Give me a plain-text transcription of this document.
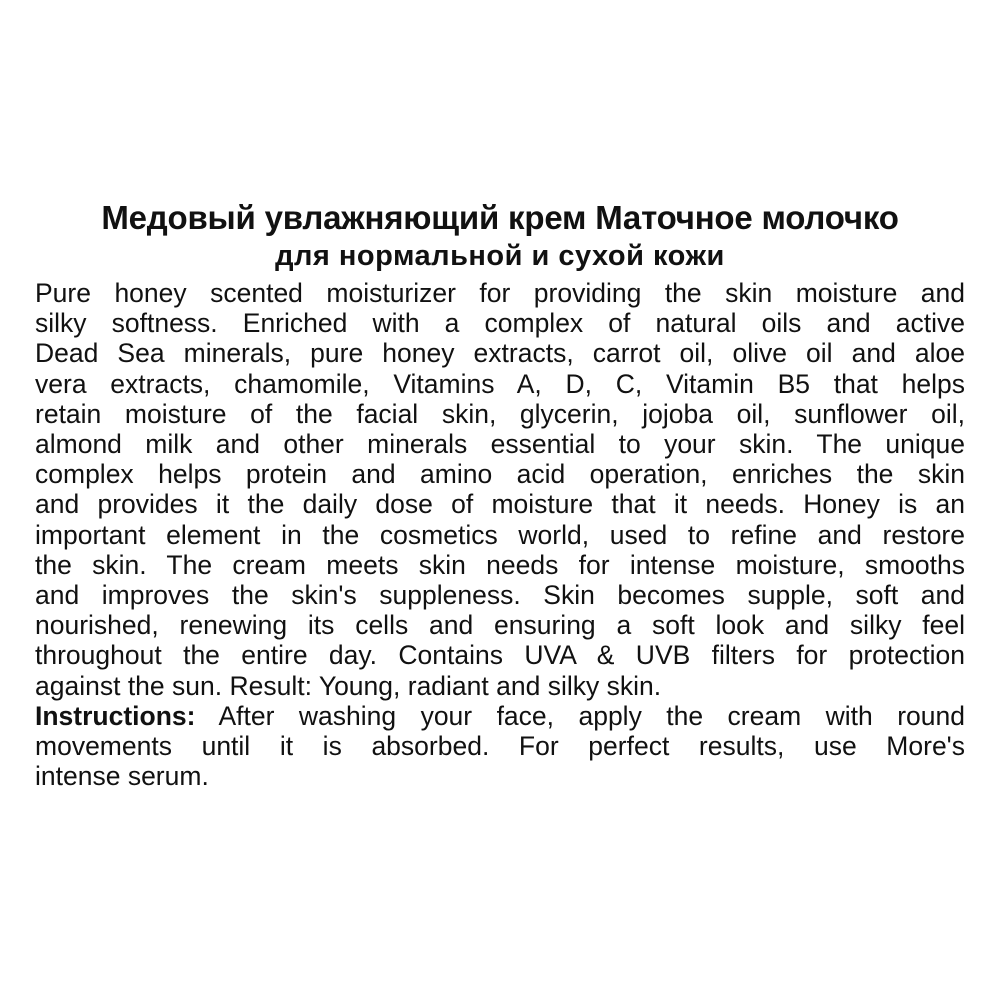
Медовый увлажняющий крем Маточное молочко
для нормальной и сухой кожи

Pure honey scented moisturizer for providing the skin moisture and
silky softness. Enriched with a complex of natural oils and active
Dead Sea minerals, pure honey extracts, carrot oil, olive oil and aloe
vera extracts, chamomile, Vitamins A, D, C, Vitamin B5 that helps
retain moisture of the facial skin, glycerin, jojoba oil, sunflower oil,
almond milk and other minerals essential to your skin. The unique
complex helps protein and amino acid operation, enriches the skin
and provides it the daily dose of moisture that it needs. Honey is an
important element in the cosmetics world, used to refine and restore
the skin. The cream meets skin needs for intense moisture, smooths
and improves the skin's suppleness. Skin becomes supple, soft and
nourished, renewing its cells and ensuring a soft look and silky feel
throughout the entire day. Contains UVA & UVB filters for protection
against the sun. Result: Young, radiant and silky skin.

Instructions: After washing your face, apply the cream with round
movements until it is absorbed. For perfect results, use More's
intense serum.
